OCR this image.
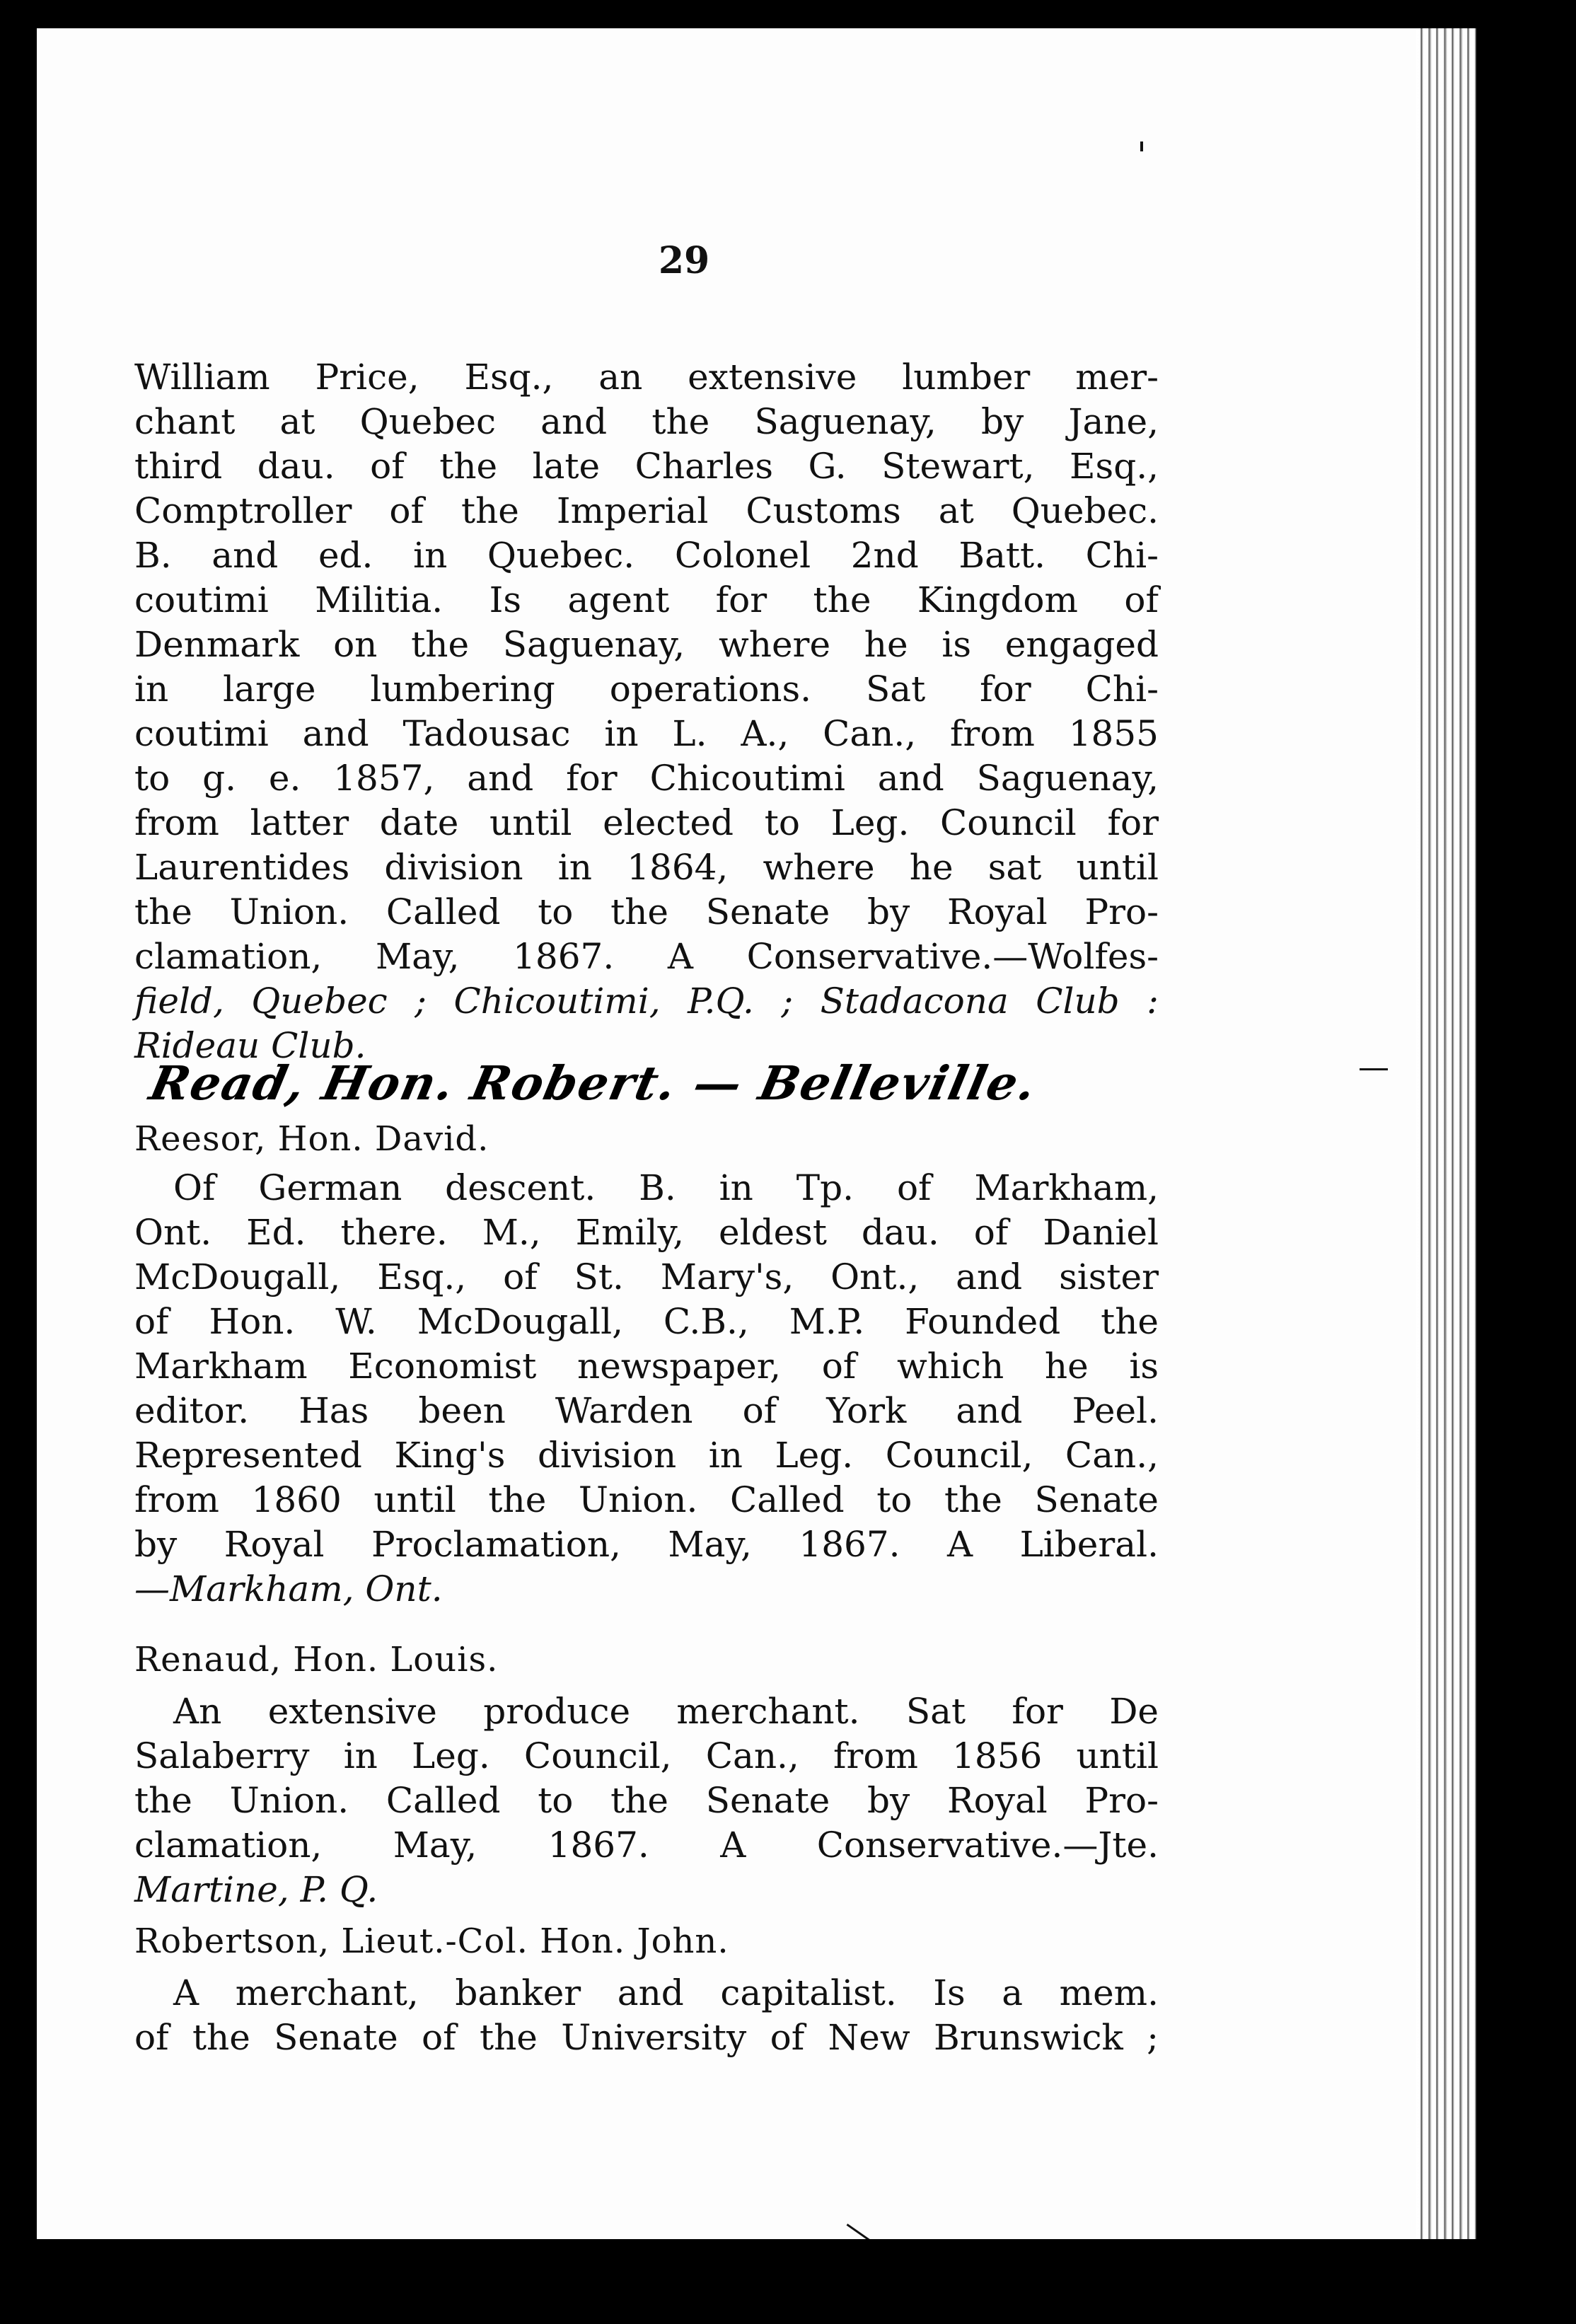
29
William Price, Esq., an extensive lumber mer-
chant at Quebec and the Saguenay, by Jane,
third dau. of the late Charles G. Stewart, Esq.,
Comptroller of the Imperial Customs at Quebec.
B. and ed. in Quebec. Colonel 2nd Batt. Chi-
coutimi Militia. Is agent for the Kingdom of
Denmark on the Saguenay, where he is engaged
in large lumbering operations. Sat for Chi-
coutimi and Tadousac in L. A., Can., from 1855
to g. e. 1857, and for Chicoutimi and Saguenay,
from latter date until elected to Leg. Council for
Laurentides division in 1864, where he sat until
the Union. Called to the Senate by Royal Pro-
clamation, May, 1867. A Conservative.—Wolfes-
field, Quebec ; Chicoutimi, P.Q. ; Stadacona Club :
Rideau Club.
Read, Hon. Robert. — Belleville.
Reesor, Hon. David.
Of German descent. B. in Tp. of Markham,
Ont. Ed. there. M., Emily, eldest dau. of Daniel
McDougall, Esq., of St. Mary's, Ont., and sister
of Hon. W. McDougall, C.B., M.P. Founded the
Markham Economist newspaper, of which he is
editor. Has been Warden of York and Peel.
Represented King's division in Leg. Council, Can.,
from 1860 until the Union. Called to the Senate
by Royal Proclamation, May, 1867. A Liberal.
—Markham, Ont.
Renaud, Hon. Louis.
An extensive produce merchant. Sat for De
Salaberry in Leg. Council, Can., from 1856 until
the Union. Called to the Senate by Royal Pro-
clamation, May, 1867. A Conservative.—Jte.
Martine, P. Q.
Robertson, Lieut.-Col. Hon. John.
A merchant, banker and capitalist. Is a mem.
of the Senate of the University of New Brunswick ;
